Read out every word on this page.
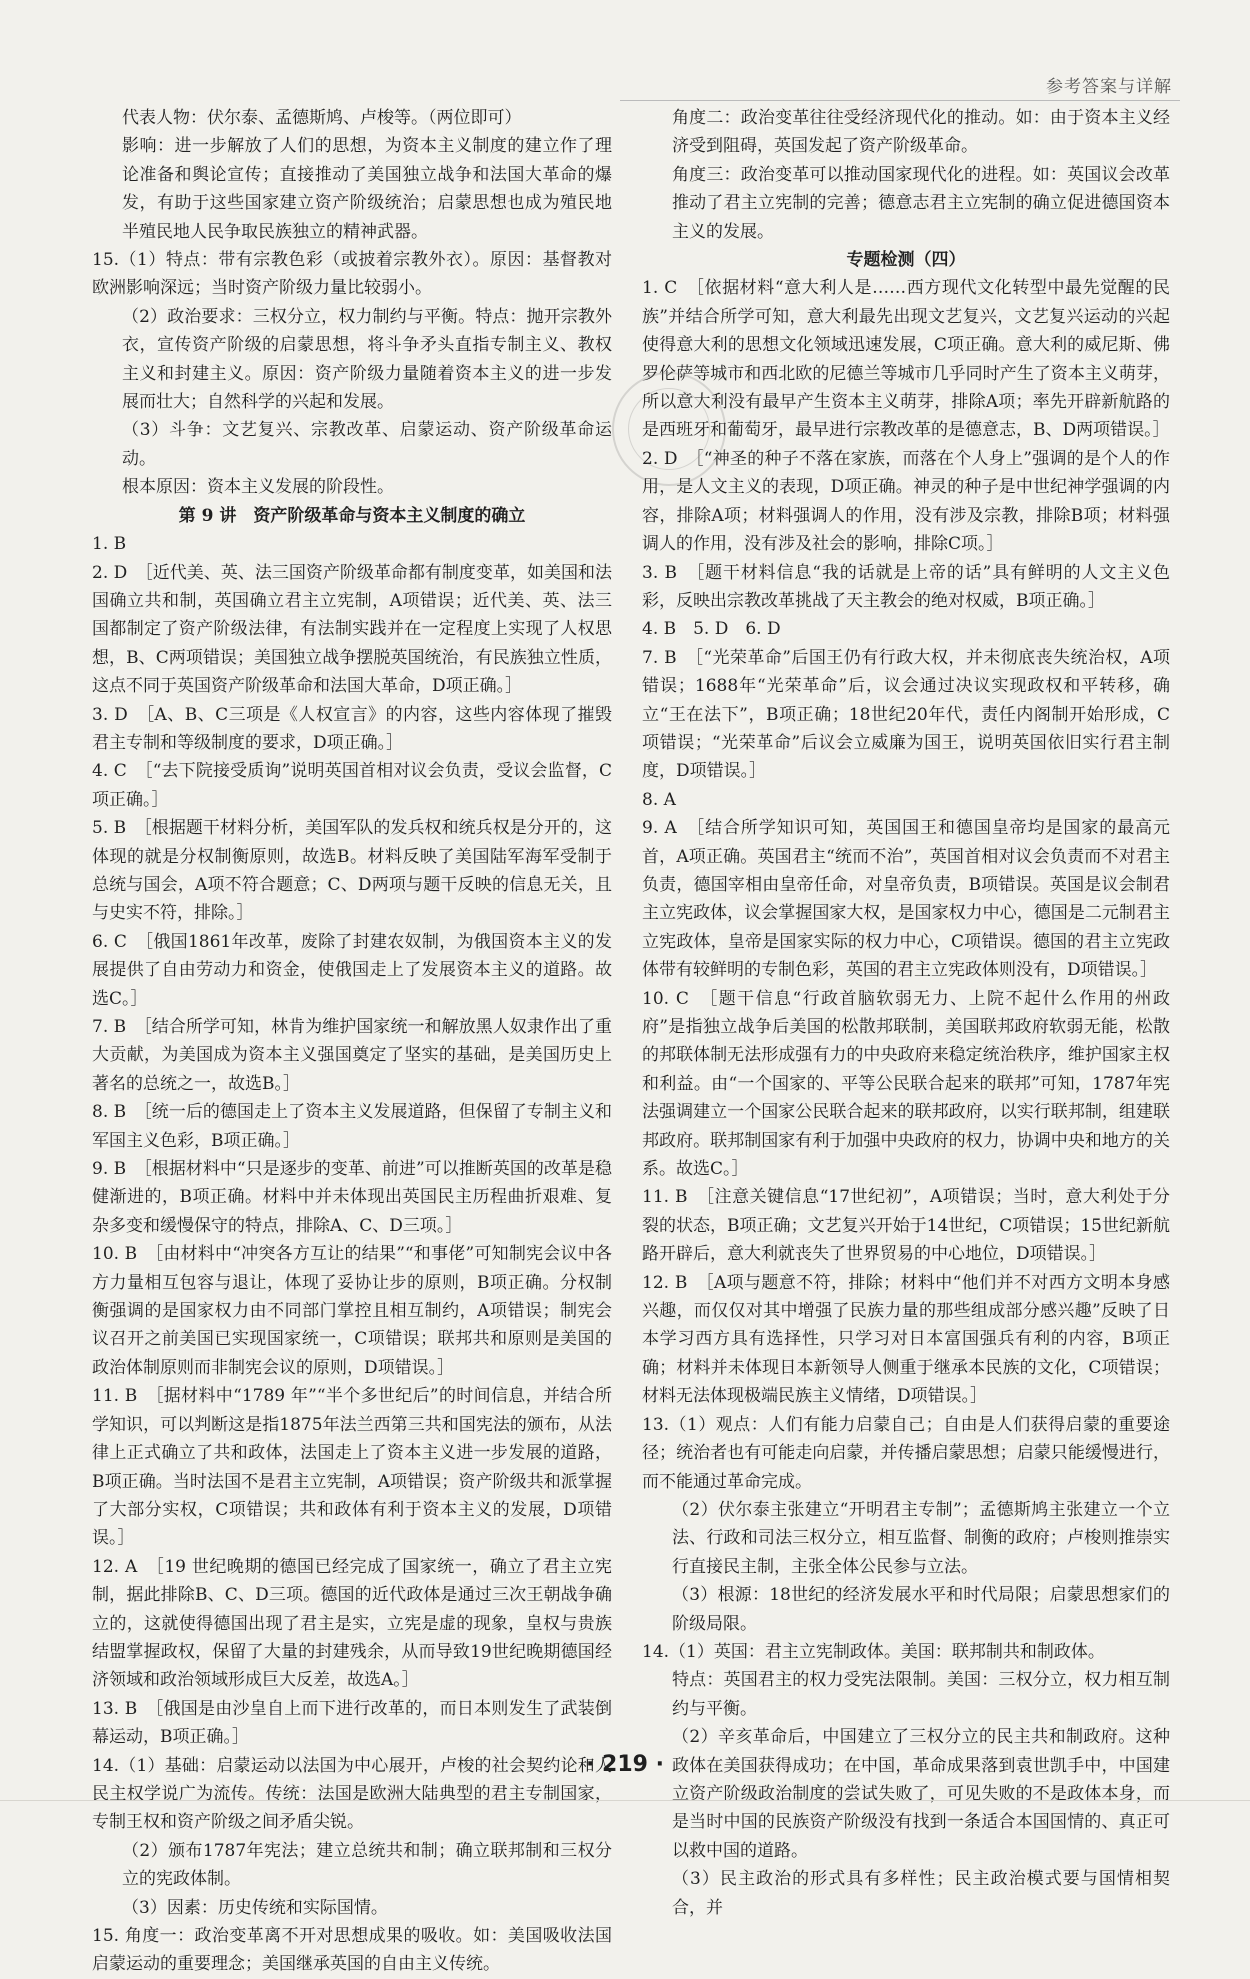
参考答案与详解

代表人物：伏尔泰、孟德斯鸠、卢梭等。（两位即可）

影响：进一步解放了人们的思想，为资本主义制度的建立作了理论准备和舆论宣传；直接推动了美国独立战争和法国大革命的爆发，有助于这些国家建立资产阶级统治；启蒙思想也成为殖民地半殖民地人民争取民族独立的精神武器。

15.（1）特点：带有宗教色彩（或披着宗教外衣）。原因：基督教对欧洲影响深远；当时资产阶级力量比较弱小。

（2）政治要求：三权分立，权力制约与平衡。特点：抛开宗教外衣，宣传资产阶级的启蒙思想，将斗争矛头直指专制主义、教权主义和封建主义。原因：资产阶级力量随着资本主义的进一步发展而壮大；自然科学的兴起和发展。

（3）斗争：文艺复兴、宗教改革、启蒙运动、资产阶级革命运动。

根本原因：资本主义发展的阶段性。

第 9 讲　资产阶级革命与资本主义制度的确立

1. B

2. D　［近代美、英、法三国资产阶级革命都有制度变革，如美国和法国确立共和制，英国确立君主立宪制，A项错误；近代美、英、法三国都制定了资产阶级法律，有法制实践并在一定程度上实现了人权思想，B、C两项错误；美国独立战争摆脱英国统治，有民族独立性质，这点不同于英国资产阶级革命和法国大革命，D项正确。］

3. D　［A、B、C三项是《人权宣言》的内容，这些内容体现了摧毁君主专制和等级制度的要求，D项正确。］

4. C　［“去下院接受质询”说明英国首相对议会负责，受议会监督，C项正确。］

5. B　［根据题干材料分析，美国军队的发兵权和统兵权是分开的，这体现的就是分权制衡原则，故选B。材料反映了美国陆军海军受制于总统与国会，A项不符合题意；C、D两项与题干反映的信息无关，且与史实不符，排除。］

6. C　［俄国1861年改革，废除了封建农奴制，为俄国资本主义的发展提供了自由劳动力和资金，使俄国走上了发展资本主义的道路。故选C。］

7. B　［结合所学可知，林肯为维护国家统一和解放黑人奴隶作出了重大贡献，为美国成为资本主义强国奠定了坚实的基础，是美国历史上著名的总统之一，故选B。］

8. B　［统一后的德国走上了资本主义发展道路，但保留了专制主义和军国主义色彩，B项正确。］

9. B　［根据材料中“只是逐步的变革、前进”可以推断英国的改革是稳健渐进的，B项正确。材料中并未体现出英国民主历程曲折艰难、复杂多变和缓慢保守的特点，排除A、C、D三项。］

10. B　［由材料中“冲突各方互让的结果”“和事佬”可知制宪会议中各方力量相互包容与退让，体现了妥协让步的原则，B项正确。分权制衡强调的是国家权力由不同部门掌控且相互制约，A项错误；制宪会议召开之前美国已实现国家统一，C项错误；联邦共和原则是美国的政治体制原则而非制宪会议的原则，D项错误。］

11. B　［据材料中“1789 年”“半个多世纪后”的时间信息，并结合所学知识，可以判断这是指1875年法兰西第三共和国宪法的颁布，从法律上正式确立了共和政体，法国走上了资本主义进一步发展的道路，B项正确。当时法国不是君主立宪制，A项错误；资产阶级共和派掌握了大部分实权，C项错误；共和政体有利于资本主义的发展，D项错误。］

12. A　［19 世纪晚期的德国已经完成了国家统一，确立了君主立宪制，据此排除B、C、D三项。德国的近代政体是通过三次王朝战争确立的，这就使得德国出现了君主是实，立宪是虚的现象，皇权与贵族结盟掌握政权，保留了大量的封建残余，从而导致19世纪晚期德国经济领域和政治领域形成巨大反差，故选A。］

13. B　［俄国是由沙皇自上而下进行改革的，而日本则发生了武装倒幕运动，B项正确。］

14.（1）基础：启蒙运动以法国为中心展开，卢梭的社会契约论和人民主权学说广为流传。传统：法国是欧洲大陆典型的君主专制国家，专制王权和资产阶级之间矛盾尖锐。

（2）颁布1787年宪法；建立总统共和制；确立联邦制和三权分立的宪政体制。

（3）因素：历史传统和实际国情。

15. 角度一：政治变革离不开对思想成果的吸收。如：美国吸收法国启蒙运动的重要理念；美国继承英国的自由主义传统。

角度二：政治变革往往受经济现代化的推动。如：由于资本主义经济受到阻碍，英国发起了资产阶级革命。

角度三：政治变革可以推动国家现代化的进程。如：英国议会改革推动了君主立宪制的完善；德意志君主立宪制的确立促进德国资本主义的发展。

专题检测（四）

1. C　［依据材料“意大利人是……西方现代文化转型中最先觉醒的民族”并结合所学可知，意大利最先出现文艺复兴，文艺复兴运动的兴起使得意大利的思想文化领域迅速发展，C项正确。意大利的威尼斯、佛罗伦萨等城市和西北欧的尼德兰等城市几乎同时产生了资本主义萌芽，所以意大利没有最早产生资本主义萌芽，排除A项；率先开辟新航路的是西班牙和葡萄牙，最早进行宗教改革的是德意志，B、D两项错误。］

2. D　［“神圣的种子不落在家族，而落在个人身上”强调的是个人的作用，是人文主义的表现，D项正确。神灵的种子是中世纪神学强调的内容，排除A项；材料强调人的作用，没有涉及宗教，排除B项；材料强调人的作用，没有涉及社会的影响，排除C项。］

3. B　［题干材料信息“我的话就是上帝的话”具有鲜明的人文主义色彩，反映出宗教改革挑战了天主教会的绝对权威，B项正确。］

4. B　5. D　6. D

7. B　［“光荣革命”后国王仍有行政大权，并未彻底丧失统治权，A项错误；1688年“光荣革命”后，议会通过决议实现政权和平转移，确立“王在法下”，B项正确；18世纪20年代，责任内阁制开始形成，C项错误；“光荣革命”后议会立威廉为国王，说明英国依旧实行君主制度，D项错误。］

8. A

9. A　［结合所学知识可知，英国国王和德国皇帝均是国家的最高元首，A项正确。英国君主“统而不治”，英国首相对议会负责而不对君主负责，德国宰相由皇帝任命，对皇帝负责，B项错误。英国是议会制君主立宪政体，议会掌握国家大权，是国家权力中心，德国是二元制君主立宪政体，皇帝是国家实际的权力中心，C项错误。德国的君主立宪政体带有较鲜明的专制色彩，英国的君主立宪政体则没有，D项错误。］

10. C　［题干信息“行政首脑软弱无力、上院不起什么作用的州政府”是指独立战争后美国的松散邦联制，美国联邦政府软弱无能，松散的邦联体制无法形成强有力的中央政府来稳定统治秩序，维护国家主权和利益。由“一个国家的、平等公民联合起来的联邦”可知，1787年宪法强调建立一个国家公民联合起来的联邦政府，以实行联邦制，组建联邦政府。联邦制国家有利于加强中央政府的权力，协调中央和地方的关系。故选C。］

11. B　［注意关键信息“17世纪初”，A项错误；当时，意大利处于分裂的状态，B项正确；文艺复兴开始于14世纪，C项错误；15世纪新航路开辟后，意大利就丧失了世界贸易的中心地位，D项错误。］

12. B　［A项与题意不符，排除；材料中“他们并不对西方文明本身感兴趣，而仅仅对其中增强了民族力量的那些组成部分感兴趣”反映了日本学习西方具有选择性，只学习对日本富国强兵有利的内容，B项正确；材料并未体现日本新领导人侧重于继承本民族的文化，C项错误；材料无法体现极端民族主义情绪，D项错误。］

13.（1）观点：人们有能力启蒙自己；自由是人们获得启蒙的重要途径；统治者也有可能走向启蒙，并传播启蒙思想；启蒙只能缓慢进行，而不能通过革命完成。

（2）伏尔泰主张建立“开明君主专制”；孟德斯鸠主张建立一个立法、行政和司法三权分立，相互监督、制衡的政府；卢梭则推崇实行直接民主制，主张全体公民参与立法。

（3）根源：18世纪的经济发展水平和时代局限；启蒙思想家们的阶级局限。

14.（1）英国：君主立宪制政体。美国：联邦制共和制政体。

特点：英国君主的权力受宪法限制。美国：三权分立，权力相互制约与平衡。

（2）辛亥革命后，中国建立了三权分立的民主共和制政府。这种政体在美国获得成功；在中国，革命成果落到袁世凯手中，中国建立资产阶级政治制度的尝试失败了，可见失败的不是政体本身，而是当时中国的民族资产阶级没有找到一条适合本国国情的、真正可以救中国的道路。

（3）民主政治的形式具有多样性；民主政治模式要与国情相契合，并

· 219 ·
